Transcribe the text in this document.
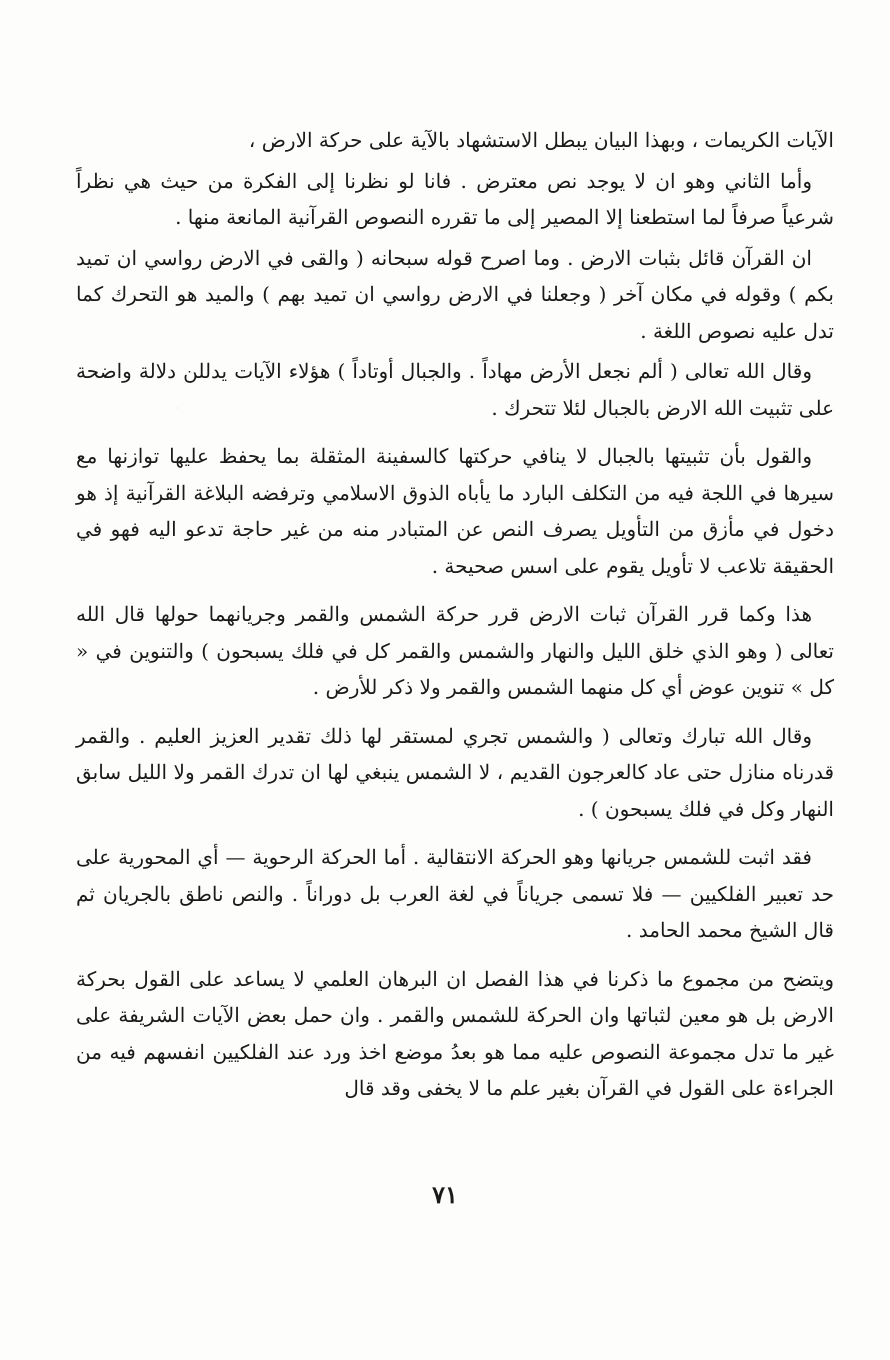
الآيات الكريمات ، وبهذا البيان يبطل الاستشهاد بالآية على حركة الارض ،

وأما الثاني وهو ان لا يوجد نص معترض . فانا لو نظرنا إلى الفكرة من حيث هي نظراً شرعياً صرفاً لما استطعنا إلا المصير إلى ما تقرره النصوص القرآنية المانعة منها .

ان القرآن قائل بثبات الارض . وما اصرح قوله سبحانه ( والقى في الارض رواسي ان تميد بكم ) وقوله في مكان آخر ( وجعلنا في الارض رواسي ان تميد بهم ) والميد هو التحرك كما تدل عليه نصوص اللغة .

وقال الله تعالى ( ألم نجعل الأرض مهاداً . والجبال أوتاداً ) هؤلاء الآيات يدللن دلالة واضحة على تثبيت الله الارض بالجبال لئلا تتحرك .

والقول بأن تثبيتها بالجبال لا ينافي حركتها كالسفينة المثقلة بما يحفظ عليها توازنها مع سيرها في اللجة فيه من التكلف البارد ما يأباه الذوق الاسلامي وترفضه البلاغة القرآنية إذ هو دخول في مأزق من التأويل يصرف النص عن المتبادر منه من غير حاجة تدعو اليه فهو في الحقيقة تلاعب لا تأويل يقوم على اسس صحيحة .

هذا وكما قرر القرآن ثبات الارض قرر حركة الشمس والقمر وجريانهما حولها قال الله تعالى ( وهو الذي خلق الليل والنهار والشمس والقمر كل في فلك يسبحون ) والتنوين في « كل » تنوين عوض أي كل منهما الشمس والقمر ولا ذكر للأرض .

وقال الله تبارك وتعالى ( والشمس تجري لمستقر لها ذلك تقدير العزيز العليم . والقمر قدرناه منازل حتى عاد كالعرجون القديم ، لا الشمس ينبغي لها ان تدرك القمر ولا الليل سابق النهار وكل في فلك يسبحون ) .

فقد اثبت للشمس جريانها وهو الحركة الانتقالية . أما الحركة الرحوية — أي المحورية على حد تعبير الفلكيين — فلا تسمى جرياناً في لغة العرب بل دوراناً . والنص ناطق بالجريان ثم قال الشيخ محمد الحامد .

ويتضح من مجموع ما ذكرنا في هذا الفصل ان البرهان العلمي لا يساعد على القول بحركة الارض بل هو معين لثباتها وان الحركة للشمس والقمر . وان حمل بعض الآيات الشريفة على غير ما تدل مجموعة النصوص عليه مما هو بعدُ موضع اخذ ورد عند الفلكيين انفسهم فيه من الجراءة على القول في القرآن بغير علم ما لا يخفى وقد قال

٧١
